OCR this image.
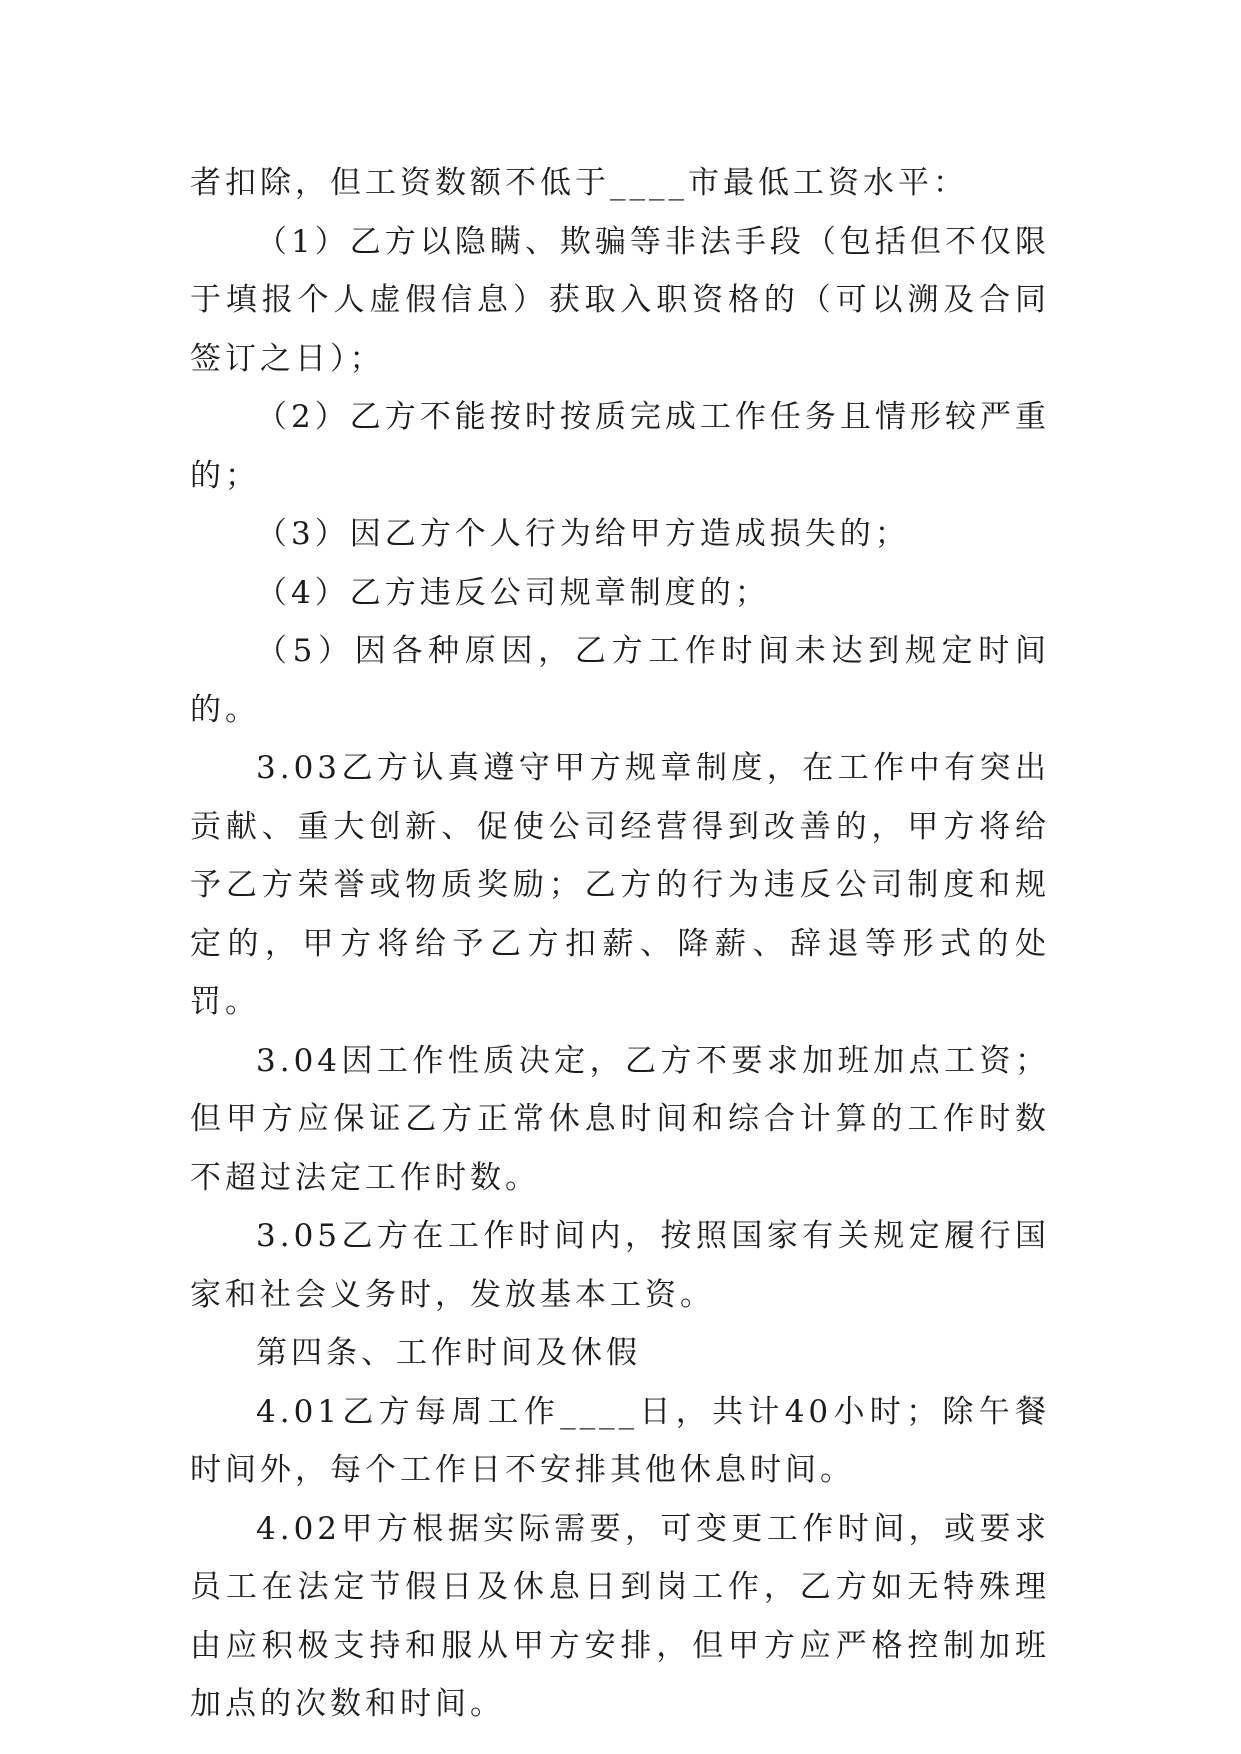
者扣除，但工资数额不低于____市最低工资水平：

（1）乙方以隐瞒、欺骗等非法手段（包括但不仅限于填报个人虚假信息）获取入职资格的（可以溯及合同签订之日）；

（2）乙方不能按时按质完成工作任务且情形较严重的；

（3）因乙方个人行为给甲方造成损失的；

（4）乙方违反公司规章制度的；

（5）因各种原因，乙方工作时间未达到规定时间的。

3.03乙方认真遵守甲方规章制度，在工作中有突出贡献、重大创新、促使公司经营得到改善的，甲方将给予乙方荣誉或物质奖励；乙方的行为违反公司制度和规定的，甲方将给予乙方扣薪、降薪、辞退等形式的处罚。

3.04因工作性质决定，乙方不要求加班加点工资；但甲方应保证乙方正常休息时间和综合计算的工作时数不超过法定工作时数。

3.05乙方在工作时间内，按照国家有关规定履行国家和社会义务时，发放基本工资。

第四条、工作时间及休假

4.01乙方每周工作____日，共计40小时；除午餐时间外，每个工作日不安排其他休息时间。

4.02甲方根据实际需要，可变更工作时间，或要求员工在法定节假日及休息日到岗工作，乙方如无特殊理由应积极支持和服从甲方安排，但甲方应严格控制加班加点的次数和时间。
